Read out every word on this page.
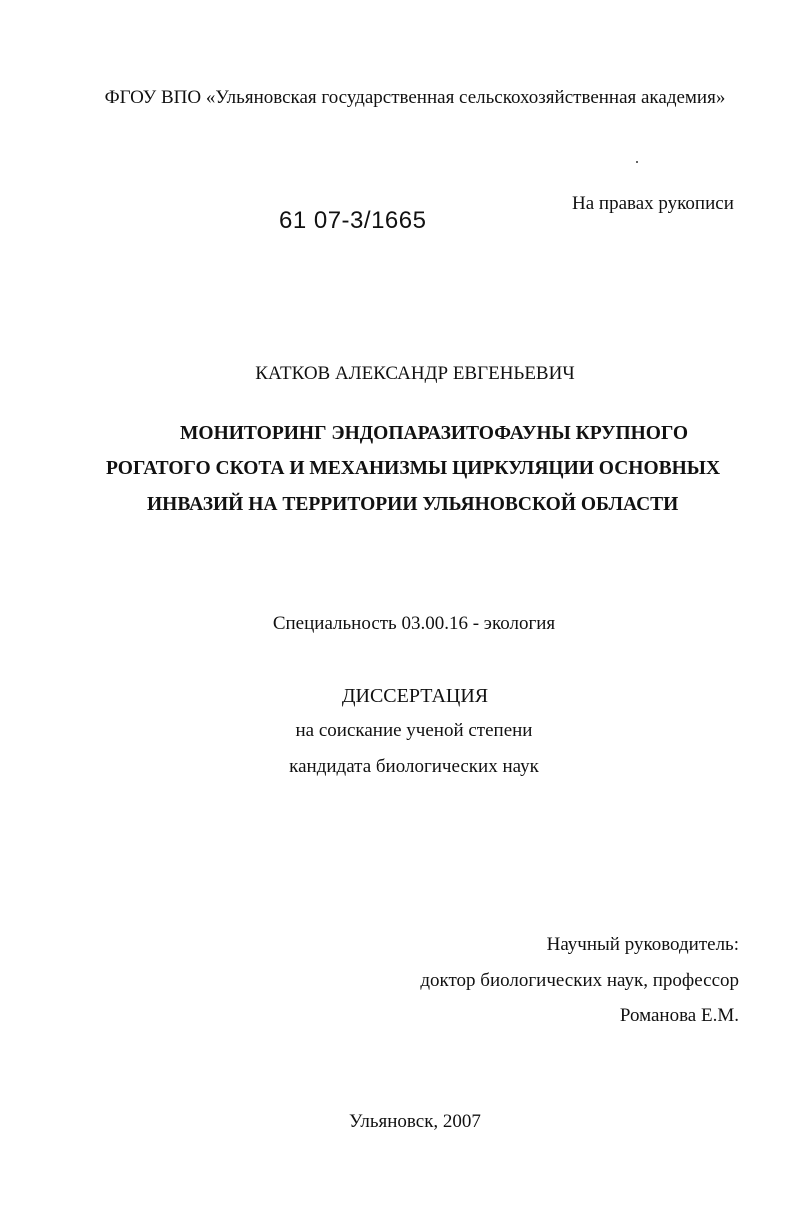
ФГОУ ВПО «Ульяновская государственная сельскохозяйственная академия»
На правах рукописи
61 07-3/1665
КАТКОВ АЛЕКСАНДР ЕВГЕНЬЕВИЧ
МОНИТОРИНГ ЭНДОПАРАЗИТОФАУНЫ КРУПНОГО
РОГАТОГО СКОТА И МЕХАНИЗМЫ ЦИРКУЛЯЦИИ ОСНОВНЫХ
ИНВАЗИЙ НА ТЕРРИТОРИИ УЛЬЯНОВСКОЙ ОБЛАСТИ
Специальность 03.00.16 - экология
ДИССЕРТАЦИЯ
на соискание ученой степени
кандидата биологических наук
Научный руководитель:
доктор биологических наук, профессор
Романова Е.М.
Ульяновск, 2007
